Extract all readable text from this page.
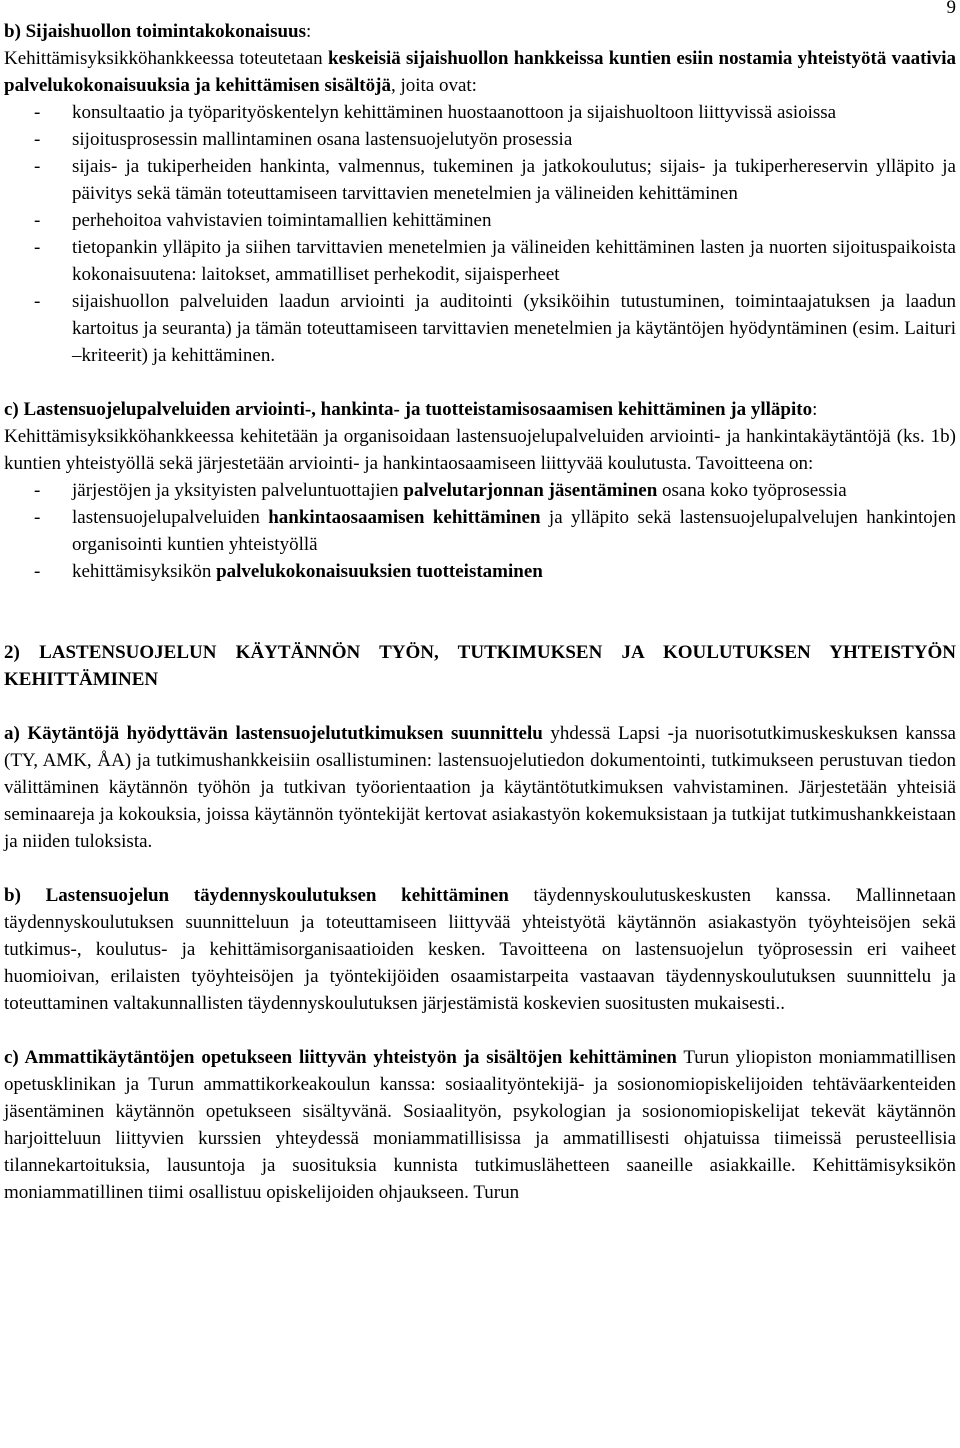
9

b) Sijaishuollon toimintakokonaisuus:

Kehittämisyksikköhankkeessa toteutetaan keskeisiä sijaishuollon hankkeissa kuntien esiin nostamia yhteistyötä vaativia palvelukokonaisuuksia ja kehittämisen sisältöjä, joita ovat:

- konsultaatio ja työparityöskentelyn kehittäminen huostaanottoon ja sijaishuoltoon liittyvissä asioissa
- sijoitusprosessin mallintaminen osana lastensuojelutyön prosessia
- sijais- ja tukiperheiden hankinta, valmennus, tukeminen ja jatkokoulutus; sijais- ja tukiperhereservin ylläpito ja päivitys sekä tämän toteuttamiseen tarvittavien menetelmien ja välineiden kehittäminen
- perhehoitoa vahvistavien toimintamallien kehittäminen
- tietopankin ylläpito ja siihen tarvittavien menetelmien ja välineiden kehittäminen lasten ja nuorten sijoituspaikoista kokonaisuutena: laitokset, ammatilliset perhekodit, sijaisperheet
- sijaishuollon palveluiden laadun arviointi ja auditointi (yksiköihin tutustuminen, toimintaajatuksen ja laadun kartoitus ja seuranta) ja tämän toteuttamiseen tarvittavien menetelmien ja käytäntöjen hyödyntäminen (esim. Laituri –kriteerit) ja kehittäminen.

c) Lastensuojelupalveluiden arviointi-, hankinta- ja tuotteistamisosaamisen kehittäminen ja ylläpito:

Kehittämisyksikköhankkeessa kehitetään ja organisoidaan lastensuojelupalveluiden arviointi- ja hankintakäytäntöjä (ks. 1b) kuntien yhteistyöllä sekä järjestetään arviointi- ja hankintaosaamiseen liittyvää koulutusta. Tavoitteena on:

- järjestöjen ja yksityisten palveluntuottajien palvelutarjonnan jäsentäminen osana koko työprosessia
- lastensuojelupalveluiden hankintaosaamisen kehittäminen ja ylläpito sekä lastensuojelupalvelujen hankintojen organisointi kuntien yhteistyöllä
- kehittämisyksikön palvelukokonaisuuksien tuotteistaminen

2) LASTENSUOJELUN KÄYTÄNNÖN TYÖN, TUTKIMUKSEN JA KOULUTUKSEN YHTEISTYÖN KEHITTÄMINEN

a) Käytäntöjä hyödyttävän lastensuojelututkimuksen suunnittelu yhdessä Lapsi -ja nuorisotutkimuskeskuksen kanssa (TY, AMK, ÅA) ja tutkimushankkeisiin osallistuminen: lastensuojelutiedon dokumentointi, tutkimukseen perustuvan tiedon välittäminen käytännön työhön ja tutkivan työorientaation ja käytäntötutkimuksen vahvistaminen. Järjestetään yhteisiä seminaareja ja kokouksia, joissa käytännön työntekijät kertovat asiakastyön kokemuksistaan ja tutkijat tutkimushankkeistaan ja niiden tuloksista.

b) Lastensuojelun täydennyskoulutuksen kehittäminen täydennyskoulutuskeskusten kanssa. Mallinnetaan täydennyskoulutuksen suunnitteluun ja toteuttamiseen liittyvää yhteistyötä käytännön asiakastyön työyhteisöjen sekä tutkimus-, koulutus- ja kehittämisorganisaatioiden kesken. Tavoitteena on lastensuojelun työprosessin eri vaiheet huomioivan, erilaisten työyhteisöjen ja työntekijöiden osaamistarpeita vastaavan täydennyskoulutuksen suunnittelu ja toteuttaminen valtakunnallisten täydennyskoulutuksen järjestämistä koskevien suositusten mukaisesti..

c) Ammattikäytäntöjen opetukseen liittyvän yhteistyön ja sisältöjen kehittäminen Turun yliopiston moniammatillisen opetusklinikan ja Turun ammattikorkeakoulun kanssa: sosiaalityöntekijä- ja sosionomiopiskelijoiden tehtäväarkenteiden jäsentäminen käytännön opetukseen sisältyvänä. Sosiaalityön, psykologian ja sosionomiopiskelijat tekevät käytännön harjoitteluun liittyvien kurssien yhteydessä moniammatillisissa ja ammatillisesti ohjatuissa tiimeissä perusteellisia tilannekartoituksia, lausuntoja ja suosituksia kunnista tutkimuslähetteen saaneille asiakkaille. Kehittämisyksikön moniammatillinen tiimi osallistuu opiskelijoiden ohjaukseen. Turun
